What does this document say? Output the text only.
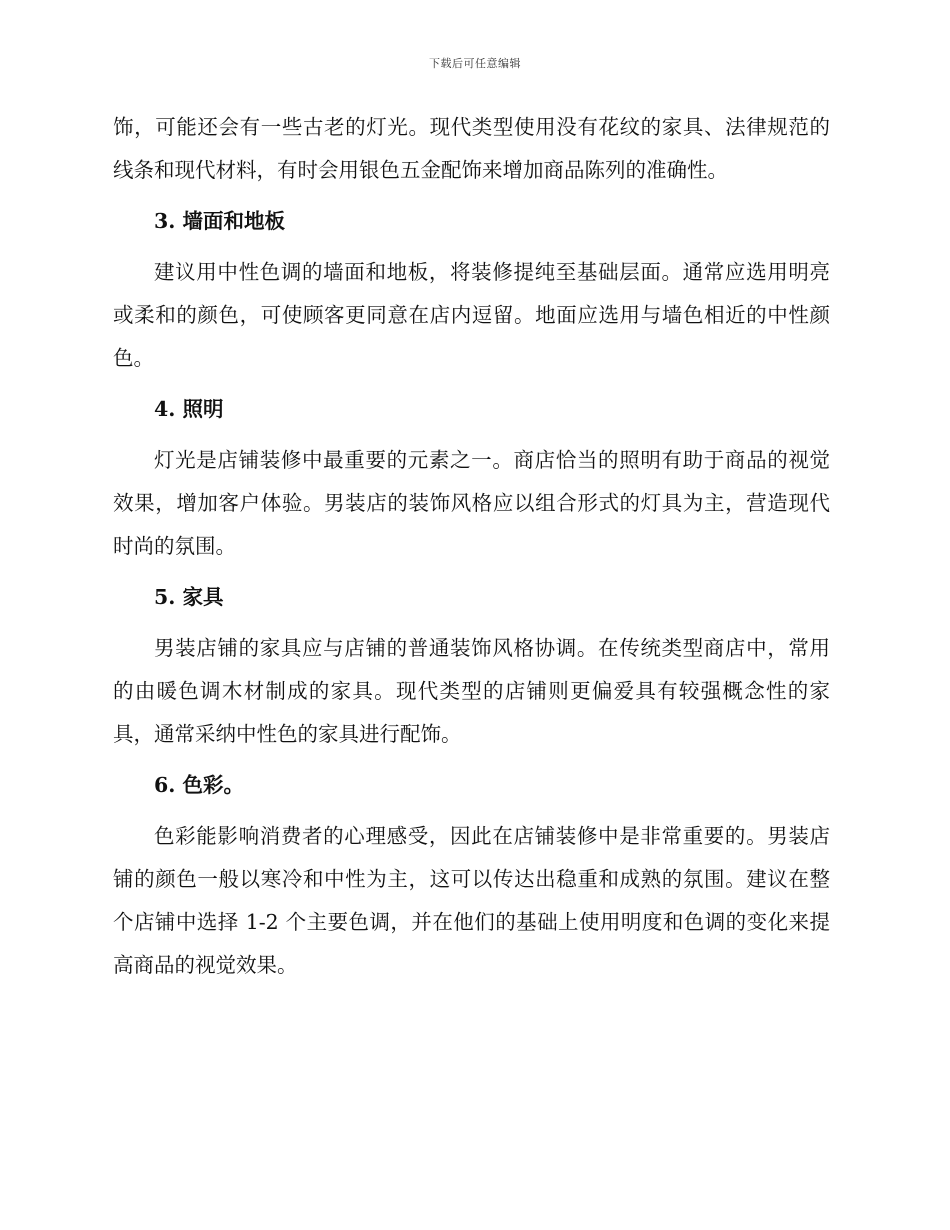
下载后可任意编辑

饰，可能还会有一些古老的灯光。现代类型使用没有花纹的家具、法律规范的线条和现代材料，有时会用银色五金配饰来增加商品陈列的准确性。

3. 墙面和地板

建议用中性色调的墙面和地板，将装修提纯至基础层面。通常应选用明亮或柔和的颜色，可使顾客更同意在店内逗留。地面应选用与墙色相近的中性颜色。

4. 照明

灯光是店铺装修中最重要的元素之一。商店恰当的照明有助于商品的视觉效果，增加客户体验。男装店的装饰风格应以组合形式的灯具为主，营造现代时尚的氛围。

5. 家具

男装店铺的家具应与店铺的普通装饰风格协调。在传统类型商店中，常用的由暖色调木材制成的家具。现代类型的店铺则更偏爱具有较强概念性的家具，通常采纳中性色的家具进行配饰。

6. 色彩。

色彩能影响消费者的心理感受，因此在店铺装修中是非常重要的。男装店铺的颜色一般以寒冷和中性为主，这可以传达出稳重和成熟的氛围。建议在整个店铺中选择 1-2 个主要色调，并在他们的基础上使用明度和色调的变化来提高商品的视觉效果。
